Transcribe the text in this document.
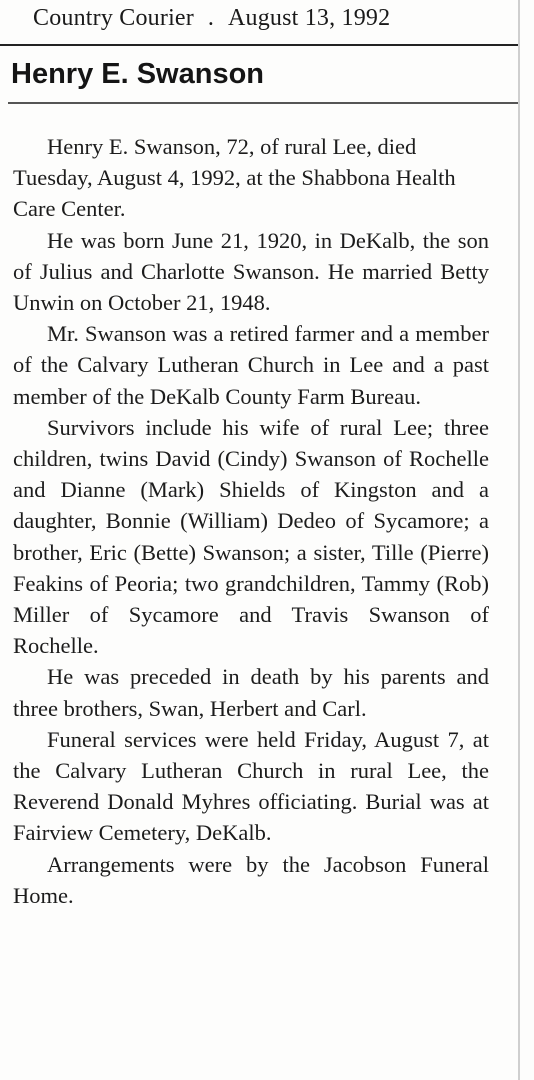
Country Courier . August 13, 1992
Henry E. Swanson

Henry E. Swanson, 72, of rural Lee, died Tuesday, August 4, 1992, at the Shabbona Health Care Center.

He was born June 21, 1920, in DeKalb, the son of Julius and Charlotte Swanson. He married Betty Unwin on October 21, 1948.

Mr. Swanson was a retired farmer and a member of the Calvary Lutheran Church in Lee and a past member of the DeKalb County Farm Bureau.

Survivors include his wife of rural Lee; three children, twins David (Cindy) Swanson of Rochelle and Dianne (Mark) Shields of Kingston and a daughter, Bonnie (William) Dedeo of Sycamore; a brother, Eric (Bette) Swanson; a sister, Tille (Pierre) Feakins of Peoria; two grandchildren, Tammy (Rob) Miller of Sycamore and Travis Swanson of Rochelle.

He was preceded in death by his parents and three brothers, Swan, Herbert and Carl.

Funeral services were held Friday, August 7, at the Calvary Lutheran Church in rural Lee, the Reverend Donald Myhres officiating. Burial was at Fairview Cemetery, DeKalb.

Arrangements were by the Jacobson Funeral Home.
